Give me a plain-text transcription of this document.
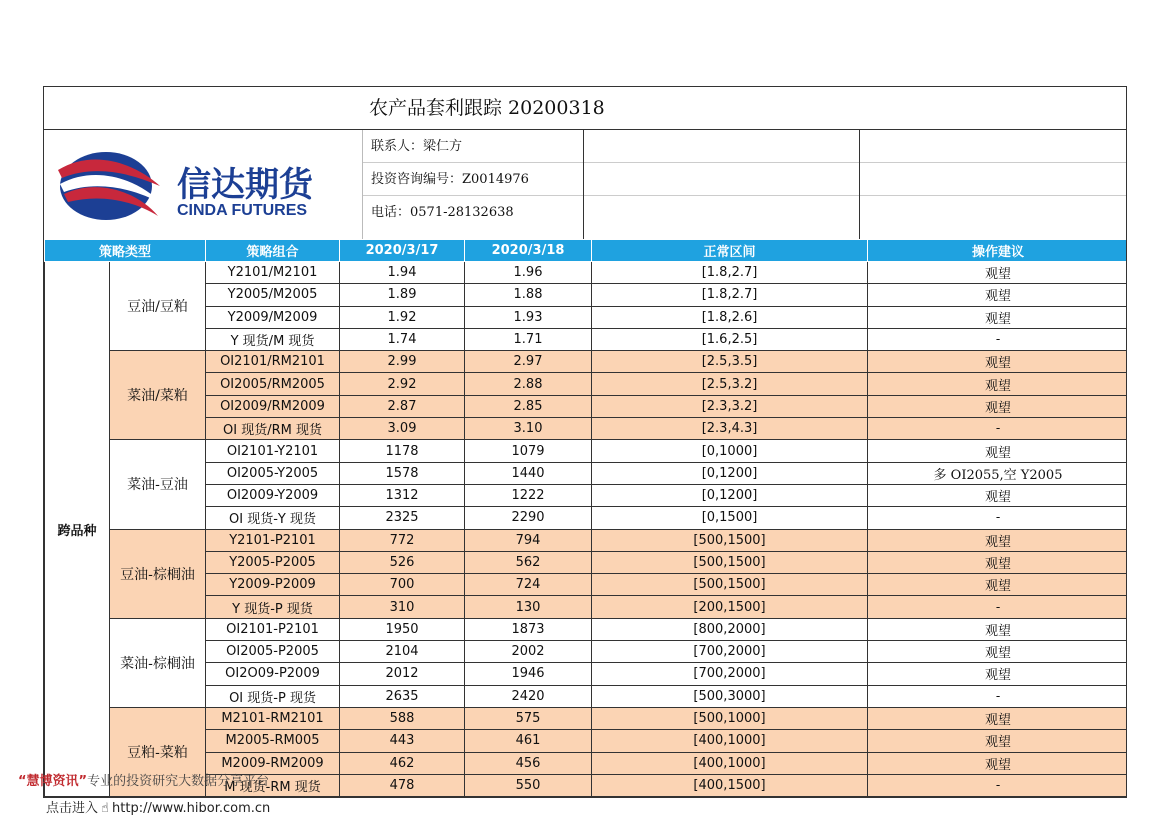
农产品套利跟踪 20200318
信达期货
CINDA FUTURES
联系人：梁仁方
投资咨询编号：Z0014976
电话：0571-28132638
策略类型		策略组合	2020/3/17	2020/3/18	正常区间	操作建议
跨品种	豆油/豆粕	Y2101/M2101	1.94	1.96	[1.8,2.7]	观望
		Y2005/M2005	1.89	1.88	[1.8,2.7]	观望
		Y2009/M2009	1.92	1.93	[1.8,2.6]	观望
		Y 现货/M 现货	1.74	1.71	[1.6,2.5]	-
	菜油/菜粕	OI2101/RM2101	2.99	2.97	[2.5,3.5]	观望
		OI2005/RM2005	2.92	2.88	[2.5,3.2]	观望
		OI2009/RM2009	2.87	2.85	[2.3,3.2]	观望
		OI 现货/RM 现货	3.09	3.10	[2.3,4.3]	-
	菜油-豆油	OI2101-Y2101	1178	1079	[0,1000]	观望
		OI2005-Y2005	1578	1440	[0,1200]	多 OI2055,空 Y2005
		OI2009-Y2009	1312	1222	[0,1200]	观望
		OI 现货-Y 现货	2325	2290	[0,1500]	-
	豆油-棕榈油	Y2101-P2101	772	794	[500,1500]	观望
		Y2005-P2005	526	562	[500,1500]	观望
		Y2009-P2009	700	724	[500,1500]	观望
		Y 现货-P 现货	310	130	[200,1500]	-
	菜油-棕榈油	OI2101-P2101	1950	1873	[800,2000]	观望
		OI2005-P2005	2104	2002	[700,2000]	观望
		OI2O09-P2009	2012	1946	[700,2000]	观望
		OI 现货-P 现货	2635	2420	[500,3000]	-
	豆粕-菜粕	M2101-RM2101	588	575	[500,1000]	观望
		M2005-RM005	443	461	[400,1000]	观望
		M2009-RM2009	462	456	[400,1000]	观望
		M 现货-RM 现货	478	550	[400,1500]	-
“慧博资讯”专业的投资研究大数据分享平台
点击进入 ☝ http://www.hibor.com.cn
